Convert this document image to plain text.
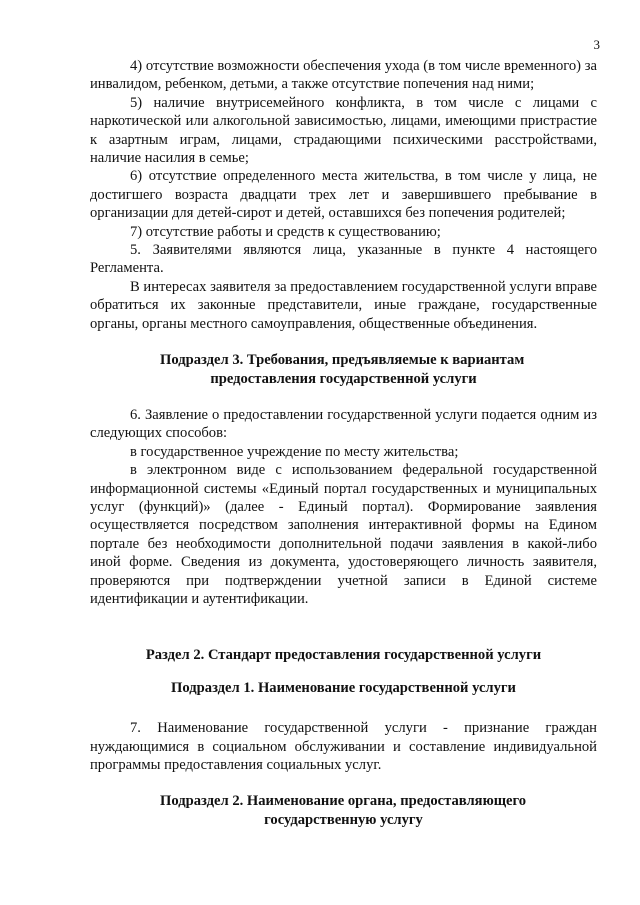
3

4) отсутствие возможности обеспечения ухода (в том числе временного) за инвалидом, ребенком, детьми, а также отсутствие попечения над ними;

5) наличие внутрисемейного конфликта, в том числе с лицами с наркотической или алкогольной зависимостью, лицами, имеющими пристрастие к азартным играм, лицами, страдающими психическими расстройствами, наличие насилия в семье;

6) отсутствие определенного места жительства, в том числе у лица, не достигшего возраста двадцати трех лет и завершившего пребывание в организации для детей-сирот и детей, оставшихся без попечения родителей;

7) отсутствие работы и средств к существованию;

5. Заявителями являются лица, указанные в пункте 4 настоящего Регламента.

В интересах заявителя за предоставлением государственной услуги вправе обратиться их законные представители, иные граждане, государственные органы, органы местного самоуправления, общественные объединения.

Подраздел 3. Требования, предъявляемые к вариантам
предоставления государственной услуги

6. Заявление о предоставлении государственной услуги подается одним из следующих способов:

в государственное учреждение по месту жительства;

в электронном виде с использованием федеральной государственной информационной системы «Единый портал государственных и муниципальных услуг (функций)» (далее - Единый портал). Формирование заявления осуществляется посредством заполнения интерактивной формы на Едином портале без необходимости дополнительной подачи заявления в какой-либо иной форме. Сведения из документа, удостоверяющего личность заявителя, проверяются при подтверждении учетной записи в Единой системе идентификации и аутентификации.

Раздел 2. Стандарт предоставления государственной услуги
Подраздел 1. Наименование государственной услуги

7. Наименование государственной услуги - признание граждан нуждающимися в социальном обслуживании и составление индивидуальной программы предоставления социальных услуг.

Подраздел 2. Наименование органа, предоставляющего
государственную услугу
